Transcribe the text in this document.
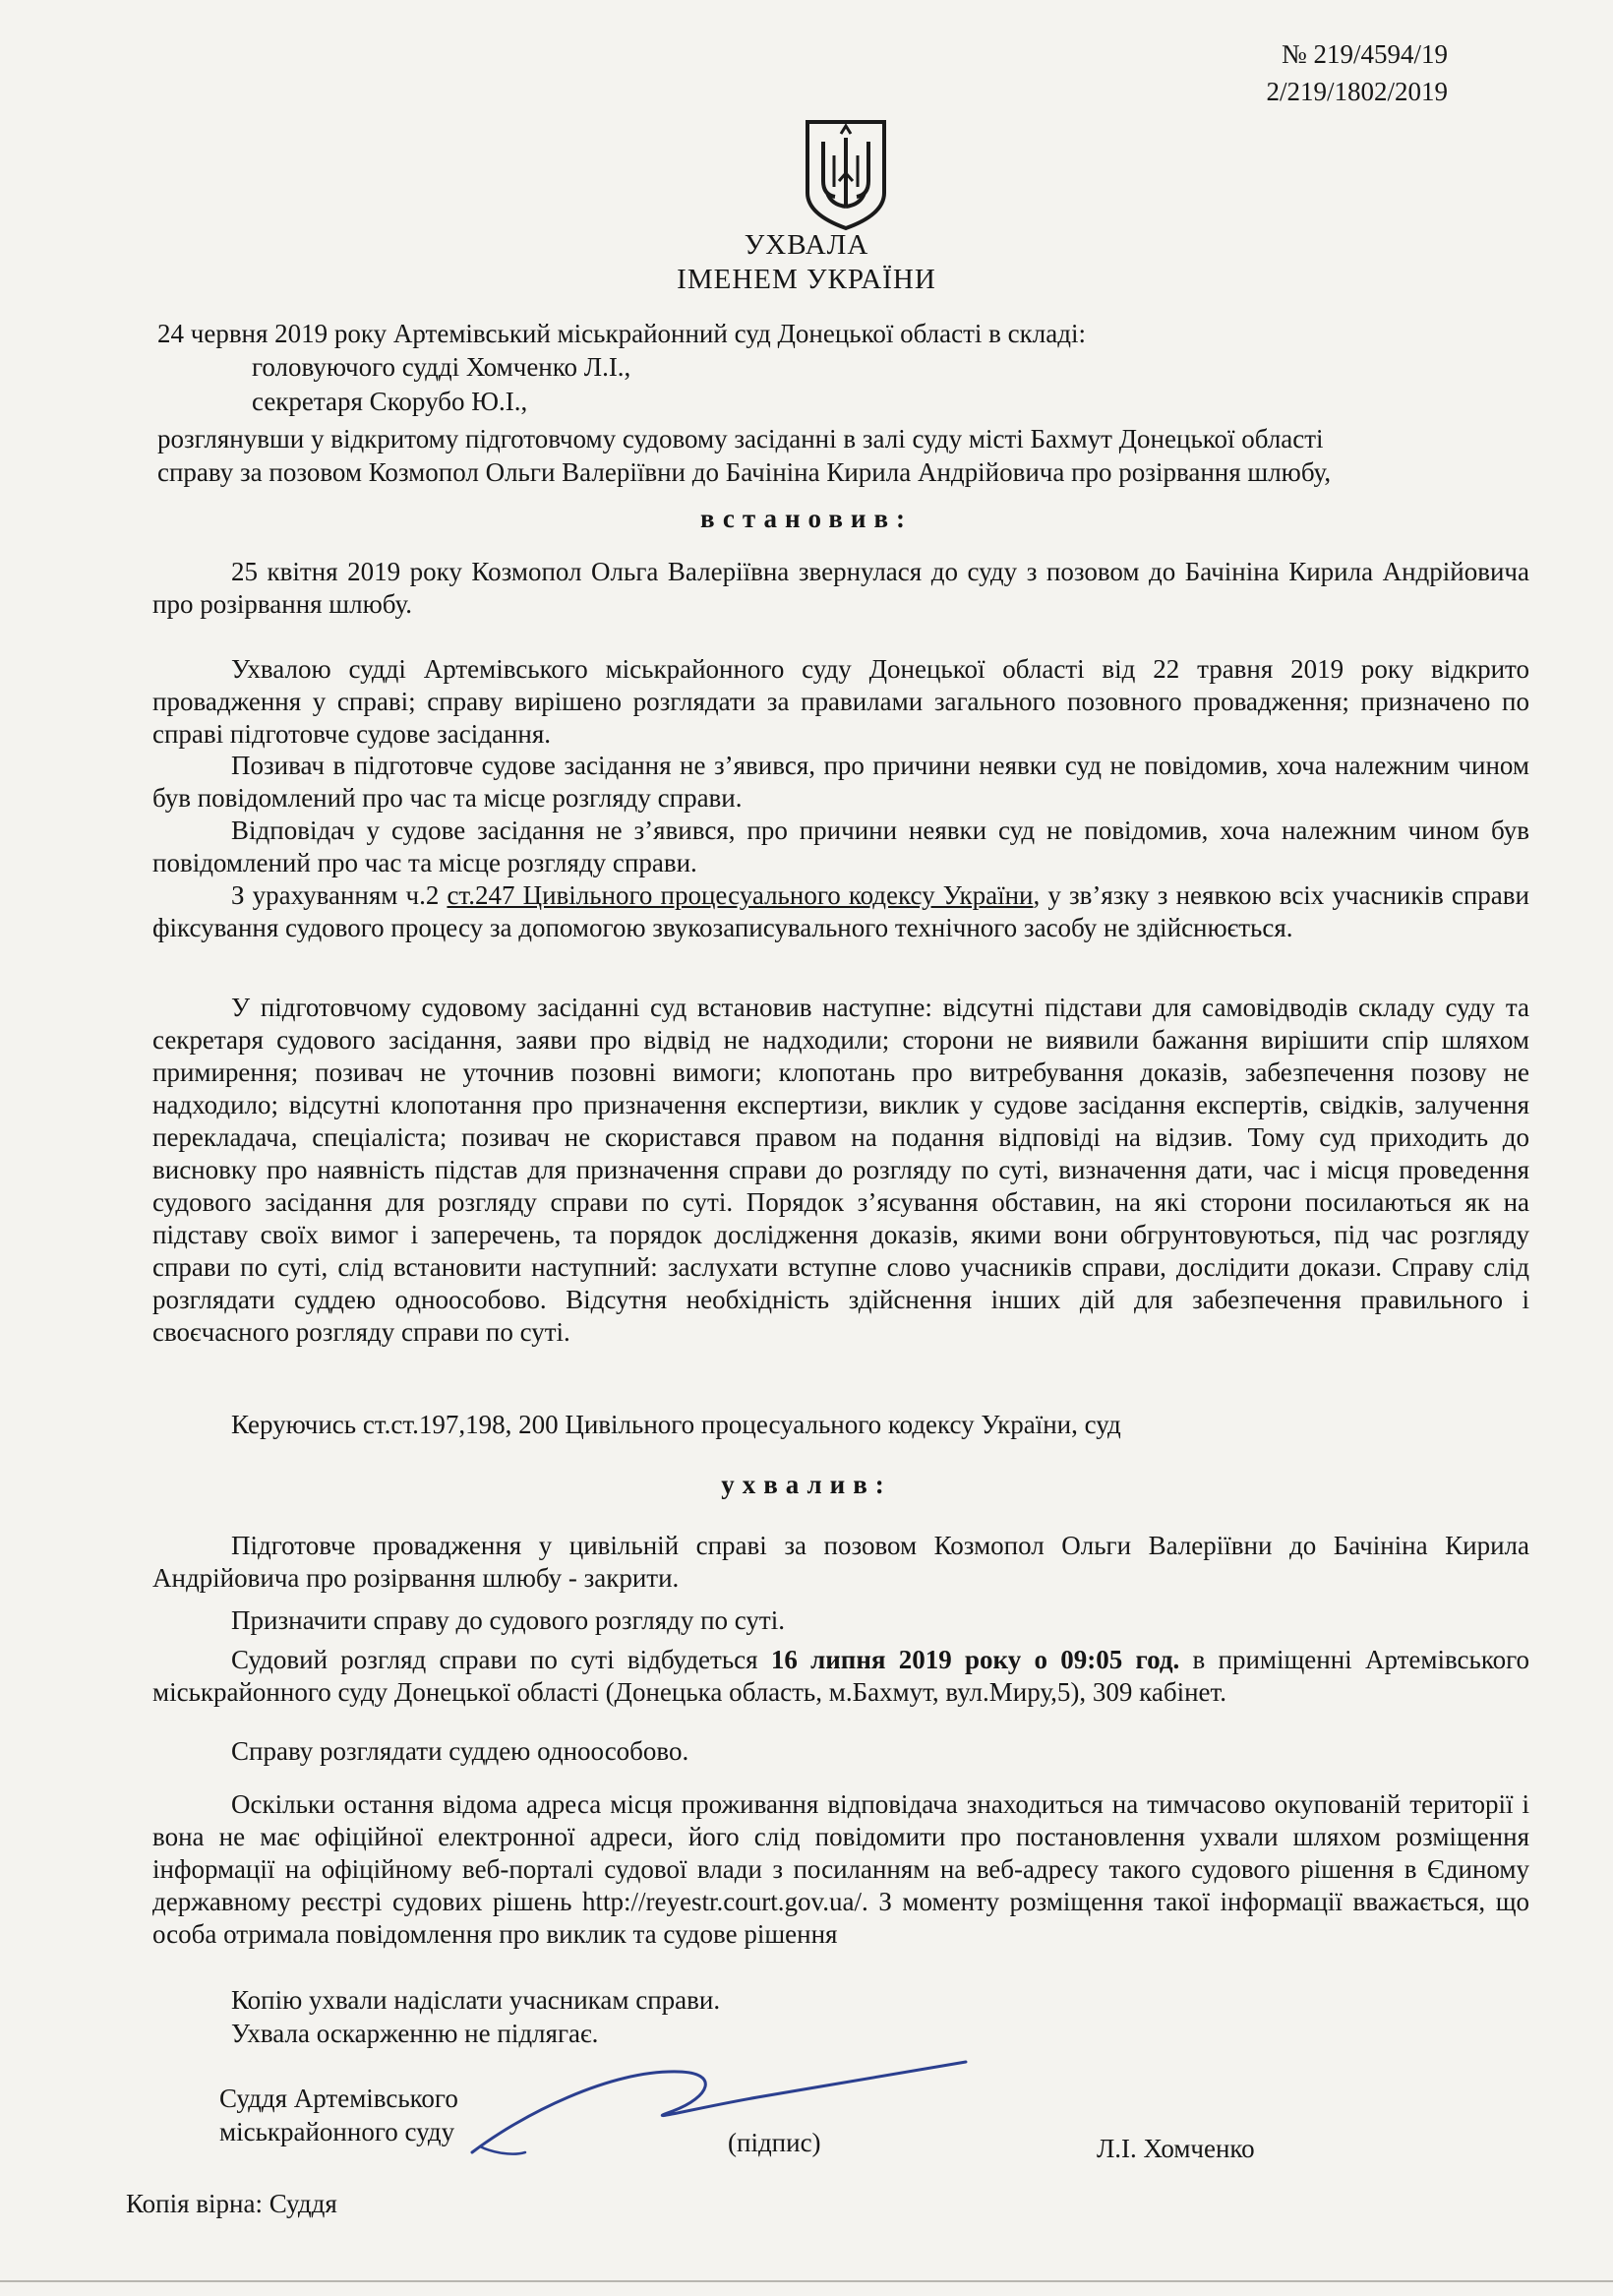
№ 219/4594/19
2/219/1802/2019
УХВАЛА
ІМЕНЕМ УКРАЇНИ
24 червня 2019 року Артемівський міськрайонний суд Донецької області в складі:
головуючого судді Хомченко Л.І.,
секретаря Скорубо Ю.І.,
розглянувши у відкритому підготовчому судовому засіданні в залі суду місті Бахмут Донецької області
справу за позовом Козмопол Ольги Валеріївни до Бачініна Кирила Андрійовича про розірвання шлюбу,
встановив:
25 квітня 2019 року Козмопол Ольга Валеріївна звернулася до суду з позовом до Бачініна Кирила Андрійовича про розірвання шлюбу.
Ухвалою судді Артемівського міськрайонного суду Донецької області від 22 травня 2019 року відкрито провадження у справі; справу вирішено розглядати за правилами загального позовного провадження; призначено по справі підготовче судове засідання.
Позивач в підготовче судове засідання не з’явився, про причини неявки суд не повідомив, хоча належним чином був повідомлений про час та місце розгляду справи.
Відповідач у судове засідання не з’явився, про причини неявки суд не повідомив, хоча належним чином був повідомлений про час та місце розгляду справи.
З урахуванням ч.2 ст.247 Цивільного процесуального кодексу України, у зв’язку з неявкою всіх учасників справи фіксування судового процесу за допомогою звукозаписувального технічного засобу не здійснюється.
У підготовчому судовому засіданні суд встановив наступне: відсутні підстави для самовідводів складу суду та секретаря судового засідання, заяви про відвід не надходили; сторони не виявили бажання вирішити спір шляхом примирення; позивач не уточнив позовні вимоги; клопотань про витребування доказів, забезпечення позову не надходило; відсутні клопотання про призначення експертизи, виклик у судове засідання експертів, свідків, залучення перекладача, спеціаліста; позивач не скористався правом на подання відповіді на відзив. Тому суд приходить до висновку про наявність підстав для призначення справи до розгляду по суті, визначення дати, час і місця проведення судового засідання для розгляду справи по суті. Порядок з’ясування обставин, на які сторони посилаються як на підставу своїх вимог і заперечень, та порядок дослідження доказів, якими вони обгрунтовуються, під час розгляду справи по суті, слід встановити наступний: заслухати вступне слово учасників справи, дослідити докази. Справу слід розглядати суддею одноособово. Відсутня необхідність здійснення інших дій для забезпечення правильного і своєчасного розгляду справи по суті.
Керуючись ст.ст.197,198, 200 Цивільного процесуального кодексу України, суд
ухвалив:
Підготовче провадження у цивільній справі за позовом Козмопол Ольги Валеріївни до Бачініна Кирила Андрійовича про розірвання шлюбу - закрити.
Призначити справу до судового розгляду по суті.
Судовий розгляд справи по суті відбудеться 16 липня 2019 року о 09:05 год. в приміщенні Артемівського міськрайонного суду Донецької області (Донецька область, м.Бахмут, вул.Миру,5), 309 кабінет.
Справу розглядати суддею одноособово.
Оскільки остання відома адреса місця проживання відповідача знаходиться на тимчасово окупованій території і вона не має офіційної електронної адреси, його слід повідомити про постановлення ухвали шляхом розміщення інформації на офіційному веб-порталі судової влади з посиланням на веб-адресу такого судового рішення в Єдиному державному реєстрі судових рішень http://reyestr.court.gov.ua/. З моменту розміщення такої інформації вважається, що особа отримала повідомлення про виклик та судове рішення
Копію ухвали надіслати учасникам справи.
Ухвала оскарженню не підлягає.
Суддя Артемівського
міськрайонного суду	(підпис)	Л.І. Хомченко
Копія вірна: Суддя
